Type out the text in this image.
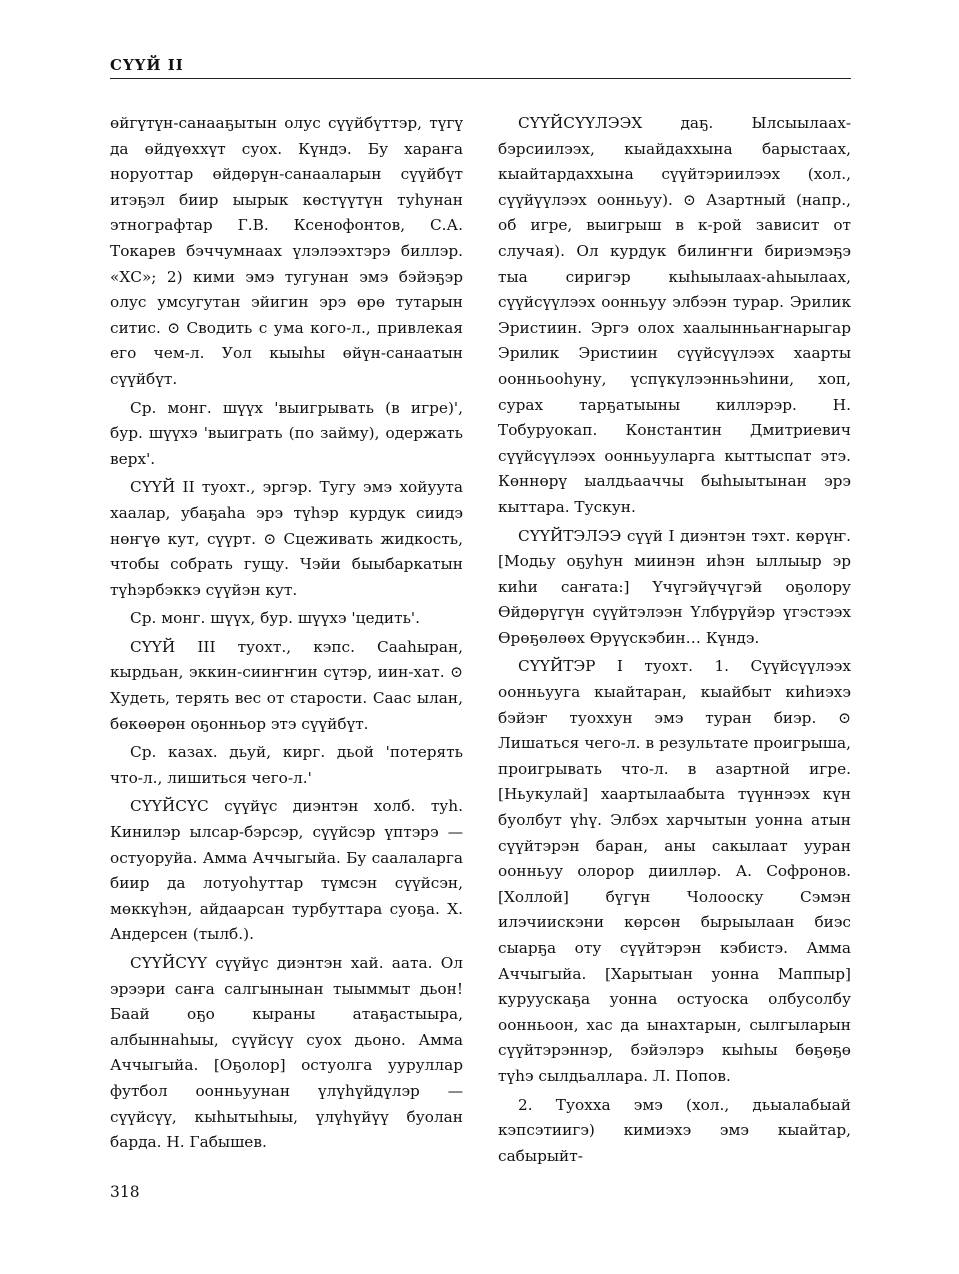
СҮҮЙ II

өйгүтүн-санааҕытын олус сүүйбүттэр, түгү да өйдүөххүт суох. Күндэ. Бу хараҥа норуоттар өйдөрүн-санааларын сүүйбүт итэҕэл биир ыырык көстүүтүн туһунан этнографтар Г.В. Ксенофонтов, С.А. Токарев бэччумнаах үлэлээхтэрэ биллэр. «ХС»; 2) кими эмэ тугунан эмэ бэйэҕэр олус умсугутан эйигин эрэ өрө тутарын ситис. ⊙ Сводить с ума кого-л., привлекая его чем-л. Уол кыыһы өйүн-санаатын сүүйбүт.

Ср. монг. шүүх 'выигрывать (в игре)', бур. шүүхэ 'выиграть (по займу), одержать верх'.

СҮҮЙ II туохт., эргэр. Тугу эмэ хойуута хаалар, убаҕаһа эрэ түһэр курдук сиидэ нөҥүө кут, сүүрт. ⊙ Сцеживать жидкость, чтобы собрать гущу. Чэйи быыбаркатын түһэрбэккэ сүүйэн кут.

Ср. монг. шүүх, бур. шүүхэ 'цедить'.

СҮҮЙ III туохт., кэпс. Сааһыран, кырдьан, эккин-сииҥҥин сүтэр, иин-хат. ⊙ Худеть, терять вес от старости. Саас ылан, бөкөөрөн оҕонньор этэ сүүйбүт.

Ср. казах. дьуй, кирг. дьой 'потерять что-л., лишиться чего-л.'

СҮҮЙСҮС сүүйүс диэнтэн холб. туһ. Кинилэр ылсар-бэрсэр, сүүйсэр үптэрэ — остуоруйа. Амма Аччыгыйа. Бу саалаларга биир да лотуоһуттар түмсэн сүүйсэн, мөккүһэн, айдаарсан турбуттара суоҕа. Х. Андерсен (тылб.).

СҮҮЙСҮҮ сүүйүс диэнтэн хай. аата. Ол эрээри саҥа салгынынан тыыммыт дьон! Баай оҕо кыраны атаҕастыыра, албыннаһыы, сүүйсүү суох дьоно. Амма Аччыгыйа. [Оҕолор] остуолга ууруллар футбол оонньуунан үлүһүйдүлэр — сүүйсүү, кыһытыһыы, үлүһүйүү буолан барда. Н. Габышев.

СҮҮЙСҮҮЛЭЭХ даҕ. Ылсыылаах-бэрсиилээх, кыайдаххына барыстаах, кыайтардаххына сүүйтэриилээх (хол., сүүйүүлээх оонньуу). ⊙ Азартный (напр., об игре, выигрыш в к-рой зависит от случая). Ол курдук билиҥҥи бириэмэҕэ тыа сиригэр кыһыылаах-аһыылаах, сүүйсүүлээх оонньуу элбээн турар. Эрилик Эристиин. Эргэ олох хаалынньаҥнарыгар Эрилик Эристиин сүүйсүүлээх хаарты оонньооһуну, үспүкүлээнньэһини, хоп, сурах тарҕатыыны киллэрэр. Н. Тобуруокап. Константин Дмитриевич сүүйсүүлээх оонньууларга кыттыспат этэ. Көннөрү ыалдьааччы быһыытынан эрэ кыттара. Тускун.

СҮҮЙТЭЛЭЭ сүүй I диэнтэн тэхт. көрүҥ. [Модьу оҕуһун миинэн иһэн ыллыыр эр киһи саҥата:] Үчүгэйүчүгэй оҕолору Өйдөрүгүн сүүйтэлээн Үлбүрүйэр үгэстээх Өрөҕөлөөх Өрүүскэбин… Күндэ.

СҮҮЙТЭР I туохт. 1. Сүүйсүүлээх оонньууга кыайтаран, кыайбыт киһиэхэ бэйэҥ туоххун эмэ туран биэр. ⊙ Лишаться чего-л. в результате проигрыша, проигрывать что-л. в азартной игре. [Ньукулай] хаартылаабыта түүннээх күн буолбут үһү. Элбэх харчытын уонна атын сүүйтэрэн баран, аны сакылаат ууран оонньуу олорор диилләр. А. Софронов. [Холлой] бүгүн Чолооску Сэмэн илэчиискэни көрсөн бырыылаан биэс сыарҕа оту сүүйтэрэн кэбистэ. Амма Аччыгыйа. [Харытыан уонна Маппыр] куруускаҕа уонна остуоска олбусолбу оонньоон, хас да ынахтарын, сылгыларын сүүйтэрэннэр, бэйэлэрэ кыһыы бөҕөҕө түһэ сылдьаллара. Л. Попов.

2. Туохха эмэ (хол., дьыалабыай кэпсэтиигэ) кимиэхэ эмэ кыайтар, сабырыйт-

318
